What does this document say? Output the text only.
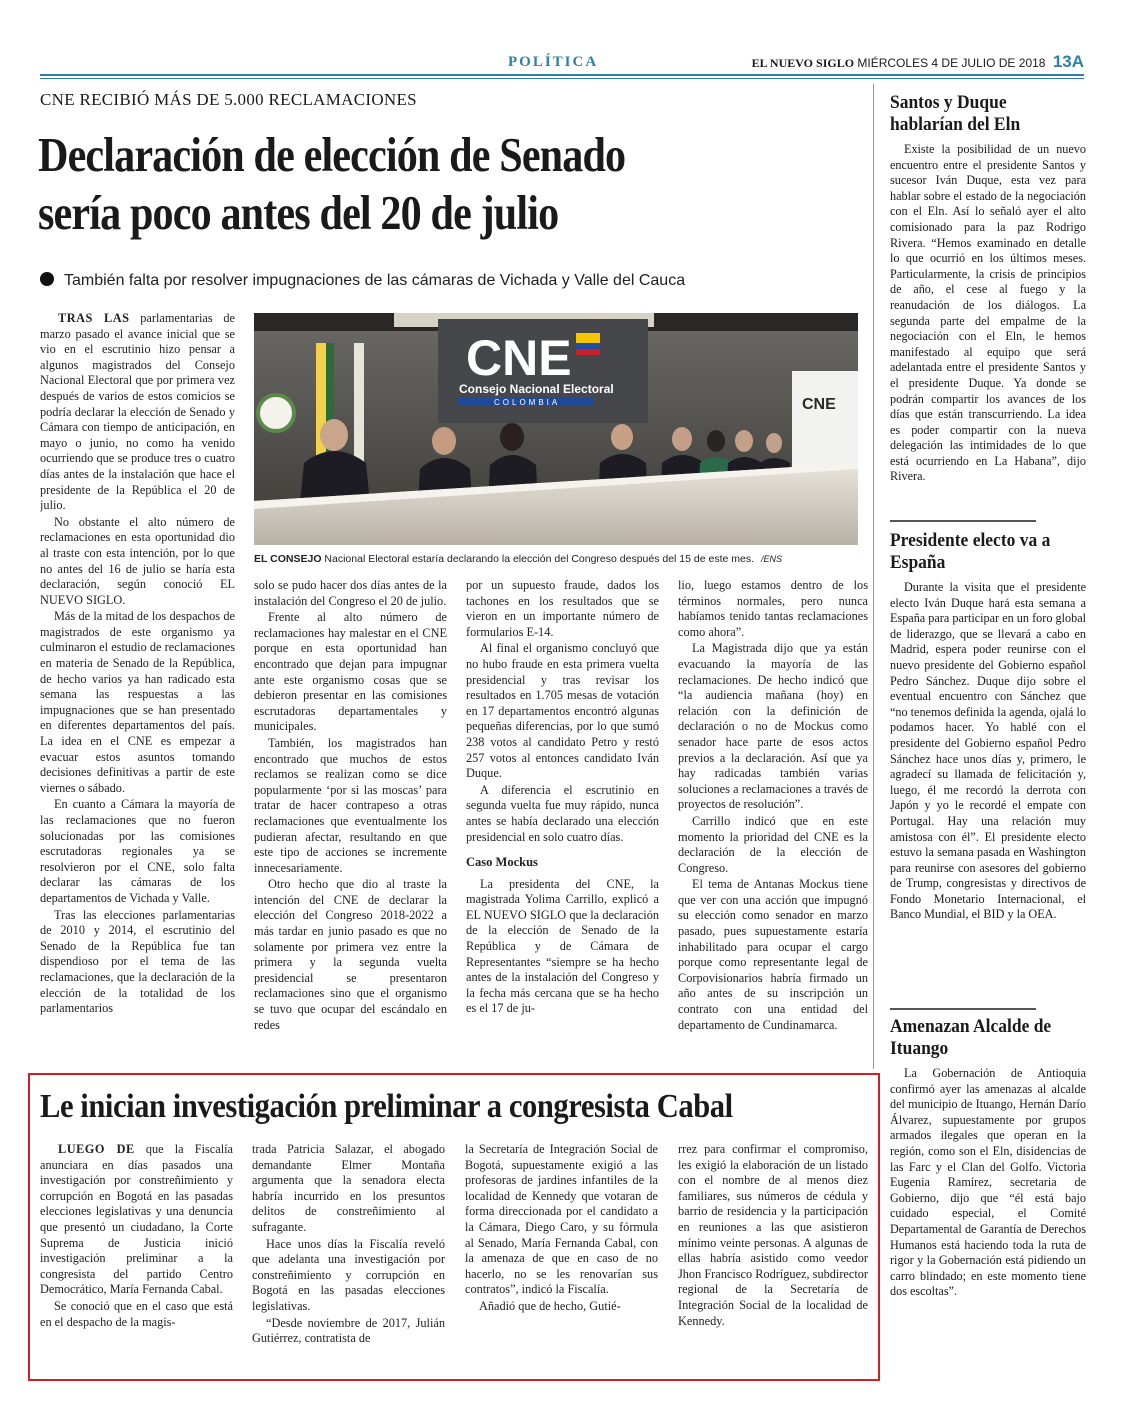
POLÍTICA	EL NUEVO SIGLO MIÉRCOLES 4 DE JULIO DE 2018 13A
CNE RECIBIÓ MÁS DE 5.000 RECLAMACIONES
Declaración de elección de Senado
sería poco antes del 20 de julio
También falta por resolver impugnaciones de las cámaras de Vichada y Valle del Cauca
CNE
Consejo Nacional Electoral
COLOMBIA	CNE
EL CONSEJO Nacional Electoral estaría declarando la elección del Congreso después del 15 de este mes. /ENS

TRAS LAS parlamentarias de marzo pasado el avance inicial que se vio en el escrutinio hizo pensar a algunos magistrados del Consejo Nacional Electoral que por primera vez después de varios de estos comicios se podría declarar la elección de Senado y Cámara con tiempo de anticipación, en mayo o junio, no como ha venido ocurriendo que se produce tres o cuatro días antes de la instalación que hace el presidente de la República el 20 de julio.

No obstante el alto número de reclamaciones en esta oportunidad dio al traste con esta intención, por lo que no antes del 16 de julio se haría esta declaración, según conoció EL NUEVO SIGLO.

Más de la mitad de los despachos de magistrados de este organismo ya culminaron el estudio de reclamaciones en materia de Senado de la República, de hecho varios ya han radicado esta semana las respuestas a las impugnaciones que se han presentado en diferentes departamentos del país. La idea en el CNE es empezar a evacuar estos asuntos tomando decisiones definitivas a partir de este viernes o sábado.

En cuanto a Cámara la mayoría de las reclamaciones que no fueron solucionadas por las comisiones escrutadoras regionales ya se resolvieron por el CNE, solo falta declarar las cámaras de los departamentos de Vichada y Valle.

Tras las elecciones parlamentarias de 2010 y 2014, el escrutinio del Senado de la República fue tan dispendioso por el tema de las reclamaciones, que la declaración de la elección de la totalidad de los parlamentarios

solo se pudo hacer dos días antes de la instalación del Congreso el 20 de julio.

Frente al alto número de reclamaciones hay malestar en el CNE porque en esta oportunidad han encontrado que dejan para impugnar ante este organismo cosas que se debieron presentar en las comisiones escrutadoras departamentales y municipales.

También, los magistrados han encontrado que muchos de estos reclamos se realizan como se dice popularmente ‘por si las moscas’ para tratar de hacer contrapeso a otras reclamaciones que eventualmente los pudieran afectar, resultando en que este tipo de acciones se incremente innecesariamente.

Otro hecho que dio al traste la intención del CNE de declarar la elección del Congreso 2018-2022 a más tardar en junio pasado es que no solamente por primera vez entre la primera y la segunda vuelta presidencial se presentaron reclamaciones sino que el organismo se tuvo que ocupar del escándalo en redes

por un supuesto fraude, dados los tachones en los resultados que se vieron en un importante número de formularios E-14.

Al final el organismo concluyó que no hubo fraude en esta primera vuelta presidencial y tras revisar los resultados en 1.705 mesas de votación en 17 departamentos encontró algunas pequeñas diferencias, por lo que sumó 238 votos al candidato Petro y restó 257 votos al entonces candidato Iván Duque.

A diferencia el escrutinio en segunda vuelta fue muy rápido, nunca antes se había declarado una elección presidencial en solo cuatro días.

Caso Mockus

La presidenta del CNE, la magistrada Yolima Carrillo, explicó a EL NUEVO SIGLO que la declaración de la elección de Senado de la República y de Cámara de Representantes “siempre se ha hecho antes de la instalación del Congreso y la fecha más cercana que se ha hecho es el 17 de ju-

lio, luego estamos dentro de los términos normales, pero nunca habíamos tenido tantas reclamaciones como ahora”.

La Magistrada dijo que ya están evacuando la mayoría de las reclamaciones. De hecho indicó que “la audiencia mañana (hoy) en relación con la definición de declaración o no de Mockus como senador hace parte de esos actos previos a la declaración. Así que ya hay radicadas también varias soluciones a reclamaciones a través de proyectos de resolución”.

Carrillo indicó que en este momento la prioridad del CNE es la declaración de la elección de Congreso.

El tema de Antanas Mockus tiene que ver con una acción que impugnó su elección como senador en marzo pasado, pues supuestamente estaría inhabilitado para ocupar el cargo porque como representante legal de Corpovisionarios habría firmado un año antes de su inscripción un contrato con una entidad del departamento de Cundinamarca.

Santos y Duque hablarían del Eln

Existe la posibilidad de un nuevo encuentro entre el presidente Santos y sucesor Iván Duque, esta vez para hablar sobre el estado de la negociación con el Eln. Así lo señaló ayer el alto comisionado para la paz Rodrigo Rivera. “Hemos examinado en detalle lo que ocurrió en los últimos meses. Particularmente, la crisis de principios de año, el cese al fuego y la reanudación de los diálogos. La segunda parte del empalme de la negociación con el Eln, le hemos manifestado al equipo que será adelantada entre el presidente Santos y el presidente Duque. Ya donde se podrán compartir los avances de los días que están transcurriendo. La idea es poder compartir con la nueva delegación las intimidades de lo que está ocurriendo en La Habana”, dijo Rivera.

Presidente electo va a España

Durante la visita que el presidente electo Iván Duque hará esta semana a España para participar en un foro global de liderazgo, que se llevará a cabo en Madrid, espera poder reunirse con el nuevo presidente del Gobierno español Pedro Sánchez. Duque dijo sobre el eventual encuentro con Sánchez que “no tenemos definida la agenda, ojalá lo podamos hacer. Yo hablé con el presidente del Gobierno español Pedro Sánchez hace unos días y, primero, le agradecí su llamada de felicitación y, luego, él me recordó la derrota con Japón y yo le recordé el empate con Portugal. Hay una relación muy amistosa con él”. El presidente electo estuvo la semana pasada en Washington para reunirse con asesores del gobierno de Trump, congresistas y directivos de Fondo Monetario Internacional, el Banco Mundial, el BID y la OEA.

Amenazan Alcalde de Ituango

La Gobernación de Antioquia confirmó ayer las amenazas al alcalde del municipio de Ituango, Hernán Darío Álvarez, supuestamente por grupos armados ilegales que operan en la región, como son el Eln, disidencias de las Farc y el Clan del Golfo. Victoria Eugenia Ramírez, secretaria de Gobierno, dijo que “él está bajo cuidado especial, el Comité Departamental de Garantía de Derechos Humanos está haciendo toda la ruta de rigor y la Gobernación está pidiendo un carro blindado; en este momento tiene dos escoltas”.

Le inician investigación preliminar a congresista Cabal

LUEGO DE que la Fiscalía anunciara en días pasados una investigación por constreñimiento y corrupción en Bogotá en las pasadas elecciones legislativas y una denuncia que presentó un ciudadano, la Corte Suprema de Justicia inició investigación preliminar a la congresista del partido Centro Democrático, María Fernanda Cabal.

Se conoció que en el caso que está en el despacho de la magis-

trada Patricia Salazar, el abogado demandante Elmer Montaña argumenta que la senadora electa habría incurrido en los presuntos delitos de constreñimiento al sufragante.

Hace unos días la Fiscalía reveló que adelanta una investigación por constreñimiento y corrupción en Bogotá en las pasadas elecciones legislativas.

“Desde noviembre de 2017, Julián Gutiérrez, contratista de

la Secretaría de Integración Social de Bogotá, supuestamente exigió a las profesoras de jardines infantiles de la localidad de Kennedy que votaran de forma direccionada por el candidato a la Cámara, Diego Caro, y su fórmula al Senado, María Fernanda Cabal, con la amenaza de que en caso de no hacerlo, no se les renovarían sus contratos”, indicó la Fiscalía.

Añadió que de hecho, Gutié-

rrez para confirmar el compromiso, les exigió la elaboración de un listado con el nombre de al menos diez familiares, sus números de cédula y barrio de residencia y la participación en reuniones a las que asistieron mínimo veinte personas. A algunas de ellas habría asistido como veedor Jhon Francisco Rodríguez, subdirector regional de la Secretaría de Integración Social de la localidad de Kennedy.
